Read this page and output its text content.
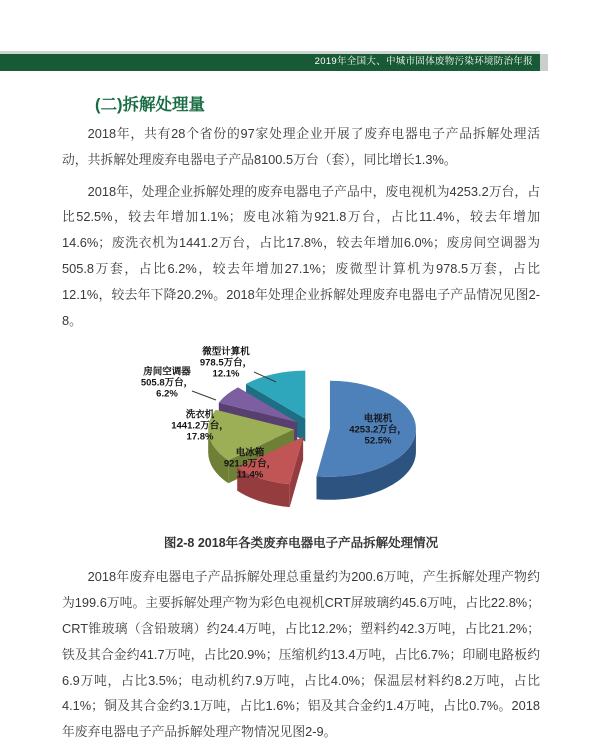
2019年全国大、中城市固体废物污染环境防治年报
(二)拆解处理量

2018年，共有28个省份的97家处理企业开展了废弃电器电子产品拆解处理活动，共拆解处理废弃电器电子产品8100.5万台（套），同比增长1.3%。

2018年，处理企业拆解处理的废弃电器电子产品中，废电视机为4253.2万台，占比52.5%，较去年增加1.1%；废电冰箱为921.8万台，占比11.4%，较去年增加14.6%；废洗衣机为1441.2万台，占比17.8%，较去年增加6.0%；废房间空调器为505.8万套，占比6.2%，较去年增加27.1%；废微型计算机为978.5万套，占比12.1%，较去年下降20.2%。2018年处理企业拆解处理废弃电器电子产品情况见图2-8。

电视机
4253.2万台，
52.5%
电冰箱
921.8万台，
11.4%
洗衣机
1441.2万台，
17.8%
房间空调器
505.8万台，
6.2%
微型计算机
978.5万台，
12.1%
图2-8 2018年各类废弃电器电子产品拆解处理情况

2018年废弃电器电子产品拆解处理总重量约为200.6万吨，产生拆解处理产物约为199.6万吨。主要拆解处理产物为彩色电视机CRT屏玻璃约45.6万吨，占比22.8%；CRT锥玻璃（含铅玻璃）约24.4万吨，占比12.2%；塑料约42.3万吨，占比21.2%；铁及其合金约41.7万吨，占比20.9%；压缩机约13.4万吨，占比6.7%；印刷电路板约6.9万吨，占比3.5%；电动机约7.9万吨，占比4.0%；保温层材料约8.2万吨，占比4.1%；铜及其合金约3.1万吨，占比1.6%；铝及其合金约1.4万吨，占比0.7%。2018年废弃电器电子产品拆解处理产物情况见图2-9。
